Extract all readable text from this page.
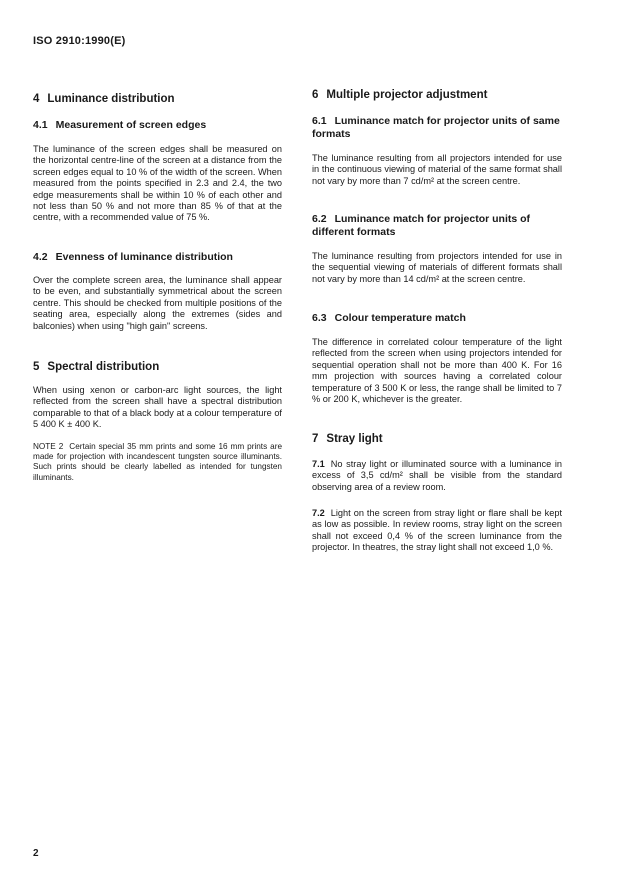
ISO 2910:1990(E)
4 Luminance distribution
4.1 Measurement of screen edges
The luminance of the screen edges shall be measured on the horizontal centre-line of the screen at a distance from the screen edges equal to 10 % of the width of the screen. When measured from the points specified in 2.3 and 2.4, the two edge measurements shall be within 10 % of each other and not less than 50 % and not more than 85 % of that at the centre, with a recommended value of 75 %.
4.2 Evenness of luminance distribution
Over the complete screen area, the luminance shall appear to be even, and substantially symmetrical about the screen centre. This should be checked from multiple positions of the seating area, especially along the extremes (sides and balconies) when using "high gain" screens.
5 Spectral distribution
When using xenon or carbon-arc light sources, the light reflected from the screen shall have a spectral distribution comparable to that of a black body at a colour temperature of 5 400 K ± 400 K.
NOTE 2 Certain special 35 mm prints and some 16 mm prints are made for projection with incandescent tungsten source illuminants. Such prints should be clearly labelled as intended for tungsten illuminants.
6 Multiple projector adjustment
6.1 Luminance match for projector units of same formats
The luminance resulting from all projectors intended for use in the continuous viewing of material of the same format shall not vary by more than 7 cd/m² at the screen centre.
6.2 Luminance match for projector units of different formats
The luminance resulting from projectors intended for use in the sequential viewing of materials of different formats shall not vary by more than 14 cd/m² at the screen centre.
6.3 Colour temperature match
The difference in correlated colour temperature of the light reflected from the screen when using projectors intended for sequential operation shall not be more than 400 K. For 16 mm projection with sources having a correlated colour temperature of 3 500 K or less, the range shall be limited to 7 % or 200 K, whichever is the greater.
7 Stray light
7.1 No stray light or illuminated source with a luminance in excess of 3,5 cd/m² shall be visible from the standard observing area of a review room.
7.2 Light on the screen from stray light or flare shall be kept as low as possible. In review rooms, stray light on the screen shall not exceed 0,4 % of the screen luminance from the projector. In theatres, the stray light shall not exceed 1,0 %.
2
